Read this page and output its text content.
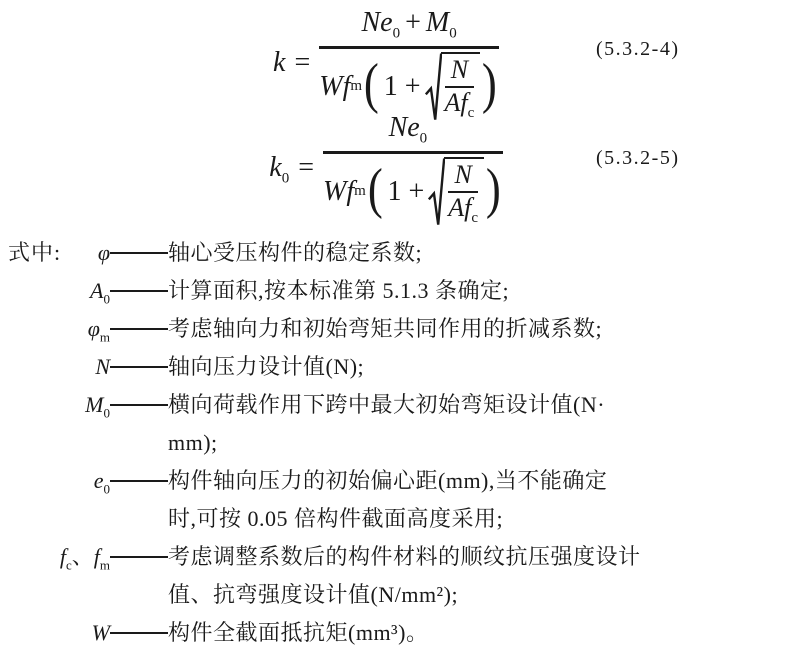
k =
$Ne_0 + M_0$
Wf m ( 1 +
N
$Af_c$ )
(5.3.2-4)
$k_0$ =
$Ne_0$
Wf m ( 1 +
N
$Af_c$ )	(5.3.2-5)
式中: φ	轴心受压构件的稳定系数;
$A_0$	计算面积,按本标准第 5.1.3 条确定;
$\varphi_m$	考虑轴向力和初始弯矩共同作用的折减系数;
N	轴向压力设计值(N);
$M_0$	横向荷载作用下跨中最大初始弯矩设计值(N·
mm);
$e_0$	构件轴向压力的初始偏心距(mm),当不能确定
时,可按 0.05 倍构件截面高度采用;
$f_c$、$f_m$	考虑调整系数后的构件材料的顺纹抗压强度设计
值、抗弯强度设计值(N/mm²);
W	构件全截面抵抗矩(mm³)。
